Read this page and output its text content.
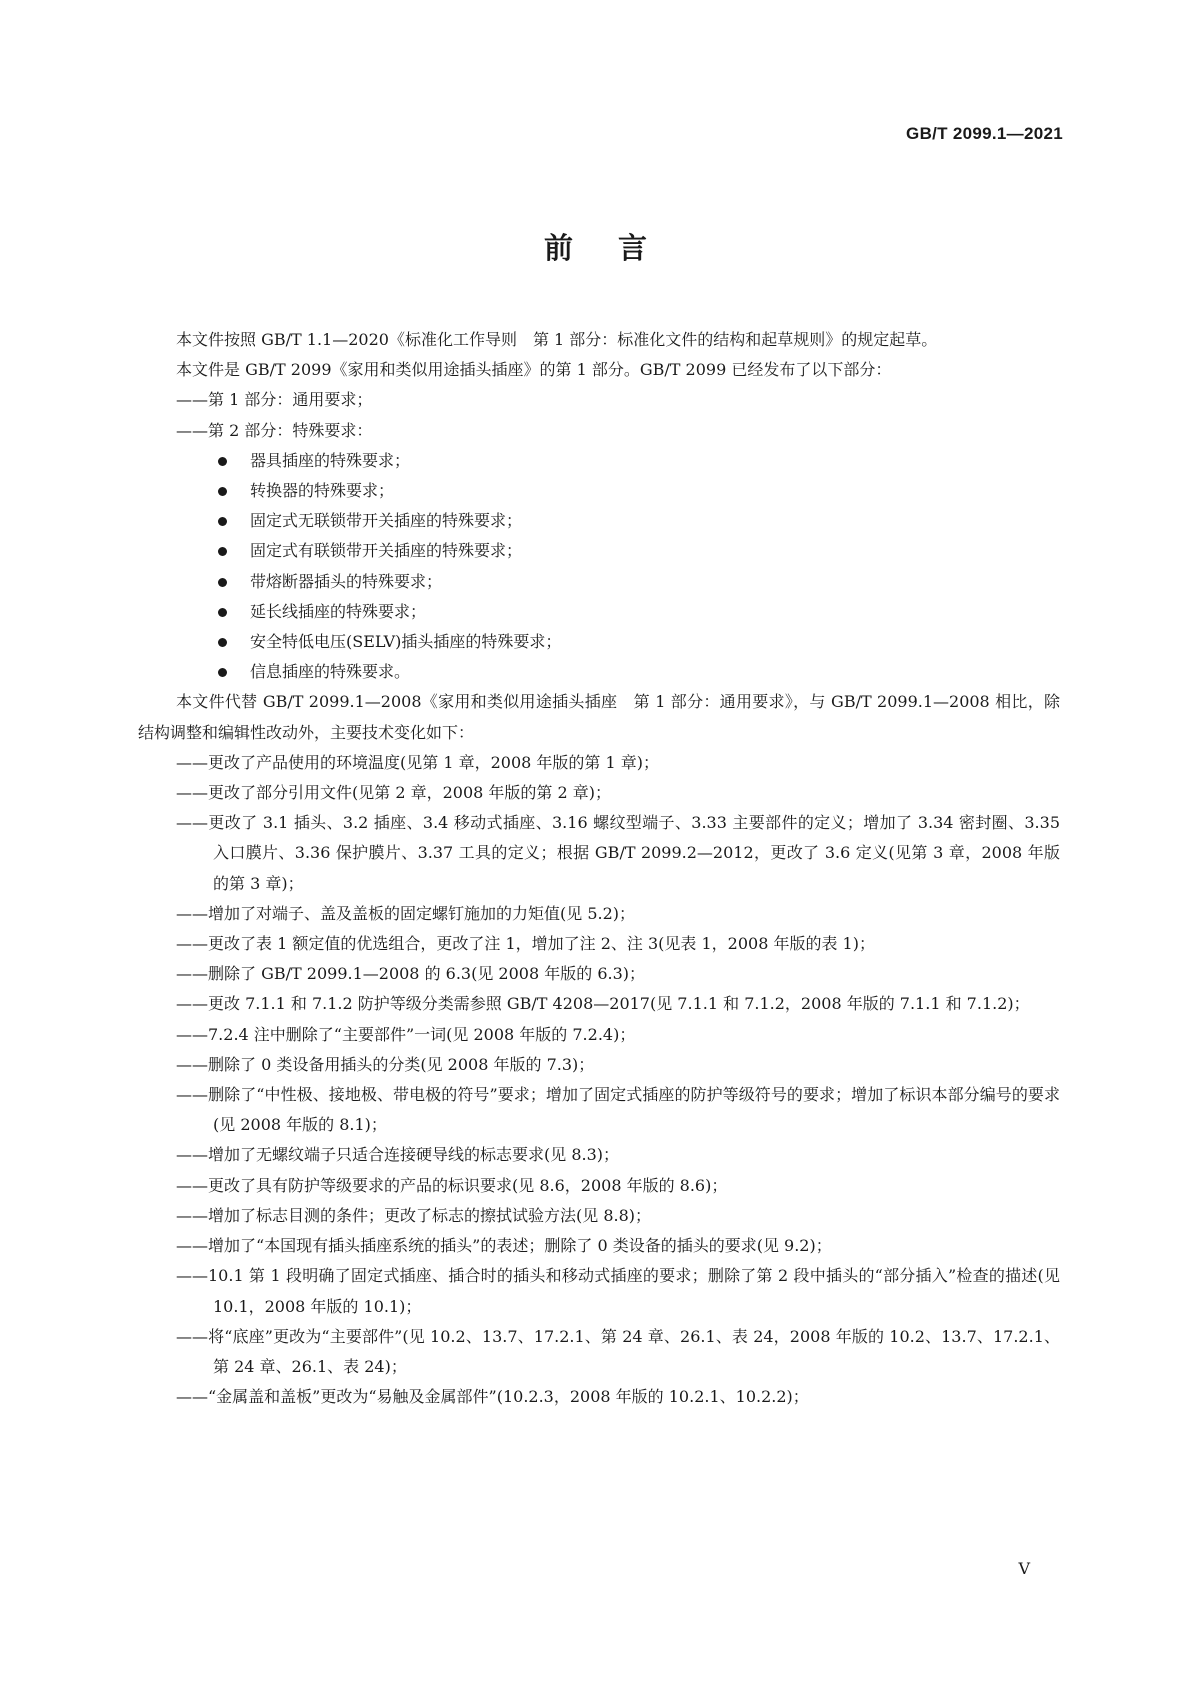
GB/T 2099.1—2021
前言

本文件按照 GB/T 1.1—2020《标准化工作导则　第 1 部分：标准化文件的结构和起草规则》的规定起草。

本文件是 GB/T 2099《家用和类似用途插头插座》的第 1 部分。GB/T 2099 已经发布了以下部分：

——第 1 部分：通用要求；

——第 2 部分：特殊要求：

器具插座的特殊要求；

转换器的特殊要求；

固定式无联锁带开关插座的特殊要求；

固定式有联锁带开关插座的特殊要求；

带熔断器插头的特殊要求；

延长线插座的特殊要求；

安全特低电压(SELV)插头插座的特殊要求；

信息插座的特殊要求。

本文件代替 GB/T 2099.1—2008《家用和类似用途插头插座　第 1 部分：通用要求》，与 GB/T 2099.1—2008 相比，除结构调整和编辑性改动外，主要技术变化如下：

——更改了产品使用的环境温度(见第 1 章，2008 年版的第 1 章)；

——更改了部分引用文件(见第 2 章，2008 年版的第 2 章)；

——更改了 3.1 插头、3.2 插座、3.4 移动式插座、3.16 螺纹型端子、3.33 主要部件的定义；增加了 3.34 密封圈、3.35 入口膜片、3.36 保护膜片、3.37 工具的定义；根据 GB/T 2099.2—2012，更改了 3.6 定义(见第 3 章，2008 年版的第 3 章)；

——增加了对端子、盖及盖板的固定螺钉施加的力矩值(见 5.2)；

——更改了表 1 额定值的优选组合，更改了注 1，增加了注 2、注 3(见表 1，2008 年版的表 1)；

——删除了 GB/T 2099.1—2008 的 6.3(见 2008 年版的 6.3)；

——更改 7.1.1 和 7.1.2 防护等级分类需参照 GB/T 4208—2017(见 7.1.1 和 7.1.2，2008 年版的 7.1.1 和 7.1.2)；

——7.2.4 注中删除了“主要部件”一词(见 2008 年版的 7.2.4)；

——删除了 0 类设备用插头的分类(见 2008 年版的 7.3)；

——删除了“中性极、接地极、带电极的符号”要求；增加了固定式插座的防护等级符号的要求；增加了标识本部分编号的要求(见 2008 年版的 8.1)；

——增加了无螺纹端子只适合连接硬导线的标志要求(见 8.3)；

——更改了具有防护等级要求的产品的标识要求(见 8.6，2008 年版的 8.6)；

——增加了标志目测的条件；更改了标志的擦拭试验方法(见 8.8)；

——增加了“本国现有插头插座系统的插头”的表述；删除了 0 类设备的插头的要求(见 9.2)；

——10.1 第 1 段明确了固定式插座、插合时的插头和移动式插座的要求；删除了第 2 段中插头的“部分插入”检查的描述(见 10.1，2008 年版的 10.1)；

——将“底座”更改为“主要部件”(见 10.2、13.7、17.2.1、第 24 章、26.1、表 24，2008 年版的 10.2、13.7、17.2.1、第 24 章、26.1、表 24)；

——“金属盖和盖板”更改为“易触及金属部件”(10.2.3，2008 年版的 10.2.1、10.2.2)；

V
